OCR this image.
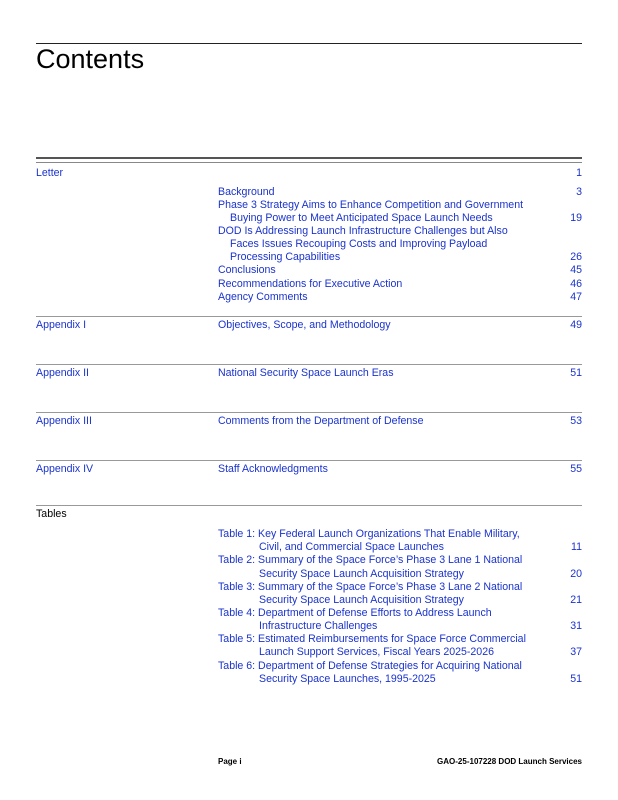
Contents
Letter	1
Background	3
Phase 3 Strategy Aims to Enhance Competition and Government
Buying Power to Meet Anticipated Space Launch Needs	19
DOD Is Addressing Launch Infrastructure Challenges but Also
Faces Issues Recouping Costs and Improving Payload
Processing Capabilities	26
Conclusions	45
Recommendations for Executive Action	46
Agency Comments	47
Appendix I	Objectives, Scope, and Methodology	49
Appendix II	National Security Space Launch Eras	51
Appendix III	Comments from the Department of Defense	53
Appendix IV	Staff Acknowledgments	55
Tables
Table 1: Key Federal Launch Organizations That Enable Military,
Civil, and Commercial Space Launches	11
Table 2: Summary of the Space Force’s Phase 3 Lane 1 National
Security Space Launch Acquisition Strategy	20
Table 3: Summary of the Space Force’s Phase 3 Lane 2 National
Security Space Launch Acquisition Strategy	21
Table 4: Department of Defense Efforts to Address Launch
Infrastructure Challenges	31
Table 5: Estimated Reimbursements for Space Force Commercial
Launch Support Services, Fiscal Years 2025-2026	37
Table 6: Department of Defense Strategies for Acquiring National
Security Space Launches, 1995-2025	51
Page i	GAO-25-107228 DOD Launch Services
